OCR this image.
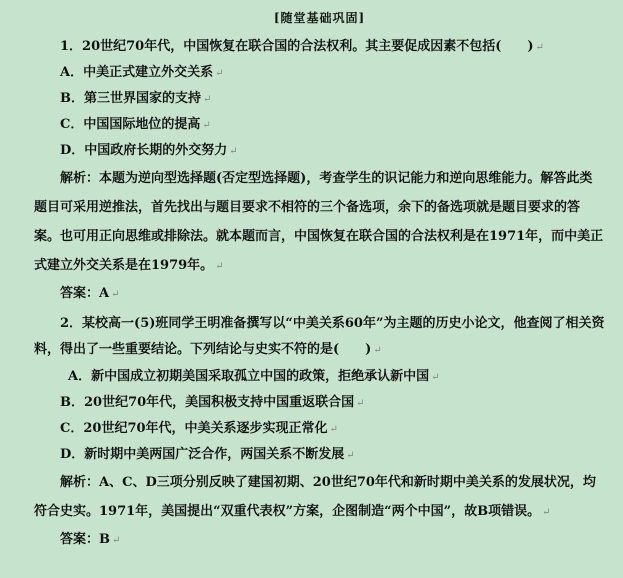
[随堂基础巩固]
1．20世纪70年代，中国恢复在联合国的合法权利。其主要促成因素不包括(　　) ↵
A．中美正式建立外交关系 ↵
B．第三世界国家的支持 ↵
C．中国国际地位的提高 ↵
D．中国政府长期的外交努力 ↵
解析：本题为逆向型选择题(否定型选择题)，考查学生的识记能力和逆向思维能力。解答此类题目可采用逆推法，首先找出与题目要求不相符的三个备选项，余下的备选项就是题目要求的答案。也可用正向思维或排除法。就本题而言，中国恢复在联合国的合法权利是在1971年，而中美正式建立外交关系是在1979年。 ↵
答案：A ↵
2．某校高一(5)班同学王明准备撰写以“中美关系60年”为主题的历史小论文，他查阅了相关资料，得出了一些重要结论。下列结论与史实不符的是(　　) ↵
A．新中国成立初期美国采取孤立中国的政策，拒绝承认新中国 ↵
B．20世纪70年代，美国积极支持中国重返联合国 ↵
C．20世纪70年代，中美关系逐步实现正常化 ↵
D．新时期中美两国广泛合作，两国关系不断发展 ↵
解析：A、C、D三项分别反映了建国初期、20世纪70年代和新时期中美关系的发展状况，均符合史实。1971年，美国提出“双重代表权”方案，企图制造“两个中国”，故B项错误。 ↵
答案：B ↵
